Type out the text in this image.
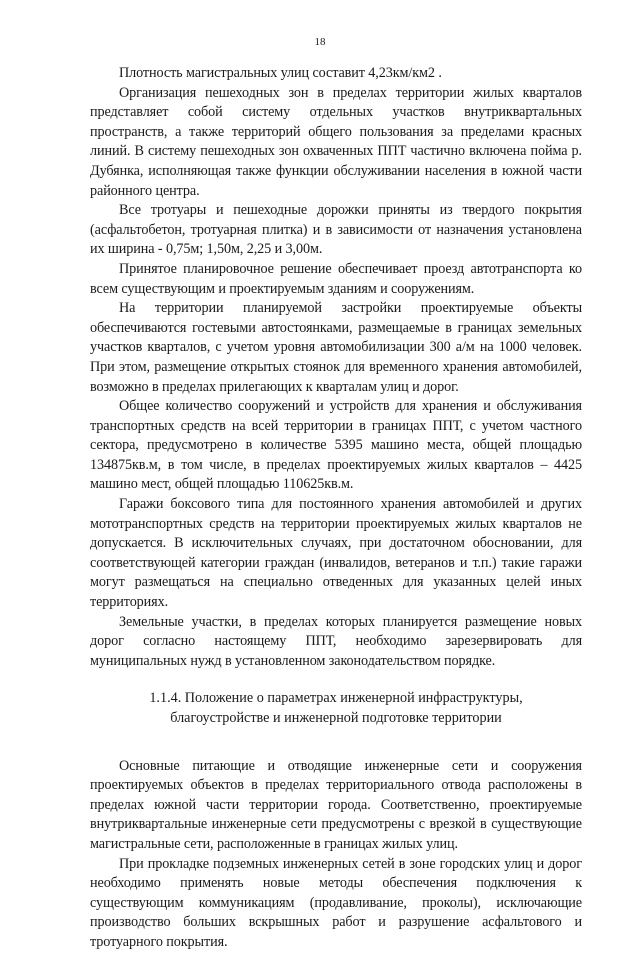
18

Плотность магистральных улиц составит 4,23км/км2 .

Организация пешеходных зон в пределах территории жилых кварталов представляет собой систему отдельных участков внутриквартальных пространств, а также территорий общего пользования за пределами красных линий. В систему пешеходных зон охваченных ППТ частично включена пойма р. Дубянка, исполняющая также функции обслуживании населения в южной части районного центра.

Все тротуары и пешеходные дорожки приняты из твердого покрытия (асфальтобетон, тротуарная плитка) и в зависимости от назначения установлена их ширина - 0,75м; 1,50м, 2,25 и 3,00м.

Принятое планировочное решение обеспечивает проезд автотранспорта ко всем существующим и проектируемым зданиям и сооружениям.

На территории планируемой застройки проектируемые объекты обеспечиваются гостевыми автостоянками, размещаемые в границах земельных участков кварталов, с учетом уровня автомобилизации 300 а/м на 1000 человек. При этом, размещение открытых стоянок для временного хранения автомобилей, возможно в пределах прилегающих к кварталам улиц и дорог.

Общее количество сооружений и устройств для хранения и обслуживания транспортных средств на всей территории в границах ППТ, с учетом частного сектора, предусмотрено в количестве 5395 машино места, общей площадью 134875кв.м, в том числе, в пределах проектируемых жилых кварталов – 4425 машино мест, общей площадью 110625кв.м.

Гаражи боксового типа для постоянного хранения автомобилей и других мототранспортных средств на территории проектируемых жилых кварталов не допускается. В исключительных случаях, при достаточном обосновании, для соответствующей категории граждан (инвалидов, ветеранов и т.п.) такие гаражи могут размещаться на специально отведенных для указанных целей иных территориях.

Земельные участки, в пределах которых планируется размещение новых дорог согласно настоящему ППТ, необходимо зарезервировать для муниципальных нужд в установленном законодательством порядке.

1.1.4. Положение о параметрах инженерной инфраструктуры,
благоустройстве и инженерной подготовке территории

Основные питающие и отводящие инженерные сети и сооружения проектируемых объектов в пределах территориального отвода расположены в пределах южной части территории города. Соответственно, проектируемые внутриквартальные инженерные сети предусмотрены с врезкой в существующие магистральные сети, расположенные в границах жилых улиц.

При прокладке подземных инженерных сетей в зоне городских улиц и дорог необходимо применять новые методы обеспечения подключения к существующим коммуникациям (продавливание, проколы), исключающие производство больших вскрышных работ и разрушение асфальтового и тротуарного покрытия.
